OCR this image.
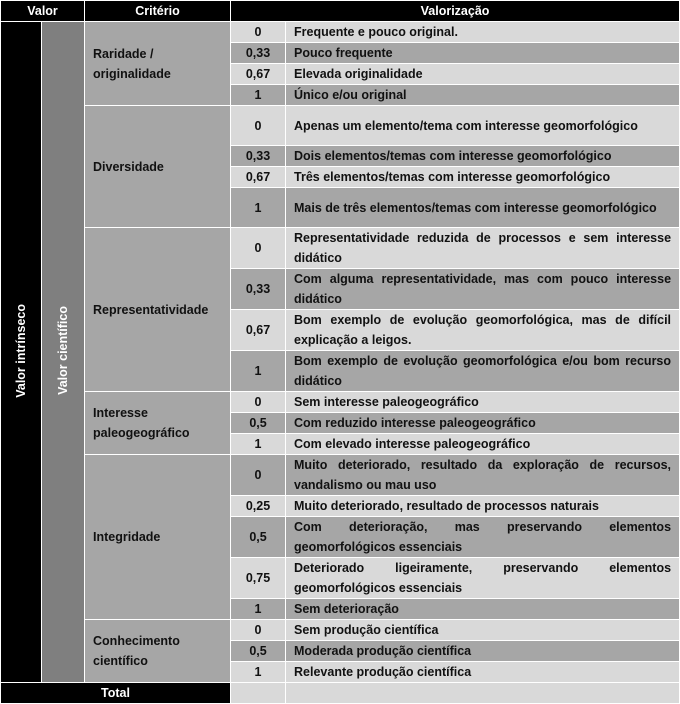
Valor		Critério	Valorização	
Valor intrínseco	Valor científico	Raridade / originalidade	0	Frequente e pouco original.
			0,33	Pouco frequente
			0,67	Elevada originalidade
			1	Único e/ou original
		Diversidade	0	Apenas um elemento/tema com interesse geomorfológico
			0,33	Dois elementos/temas com interesse geomorfológico
			0,67	Três elementos/temas com interesse geomorfológico
			1	Mais de três elementos/temas com interesse geomorfológico
		Representatividade	0	Representatividade reduzida de processos e sem interesse didático
			0,33	Com alguma representatividade, mas com pouco interesse didático
			0,67	Bom exemplo de evolução geomorfológica, mas de difícil explicação a leigos.
			1	Bom exemplo de evolução geomorfológica e/ou bom recurso didático
		Interesse paleogeográfico	0	Sem interesse paleogeográfico
			0,5	Com reduzido interesse paleogeográfico
			1	Com elevado interesse paleogeográfico
		Integridade	0	Muito deteriorado, resultado da exploração de recursos, vandalismo ou mau uso
			0,25	Muito deteriorado, resultado de processos naturais
			0,5	Com deterioração, mas preservando elementos geomorfológicos essenciais
			0,75	Deteriorado ligeiramente, preservando elementos geomorfológicos essenciais
			1	Sem deterioração
		Conhecimento científico	0	Sem produção científica
			0,5	Moderada produção científica
			1	Relevante produção científica
Total				
